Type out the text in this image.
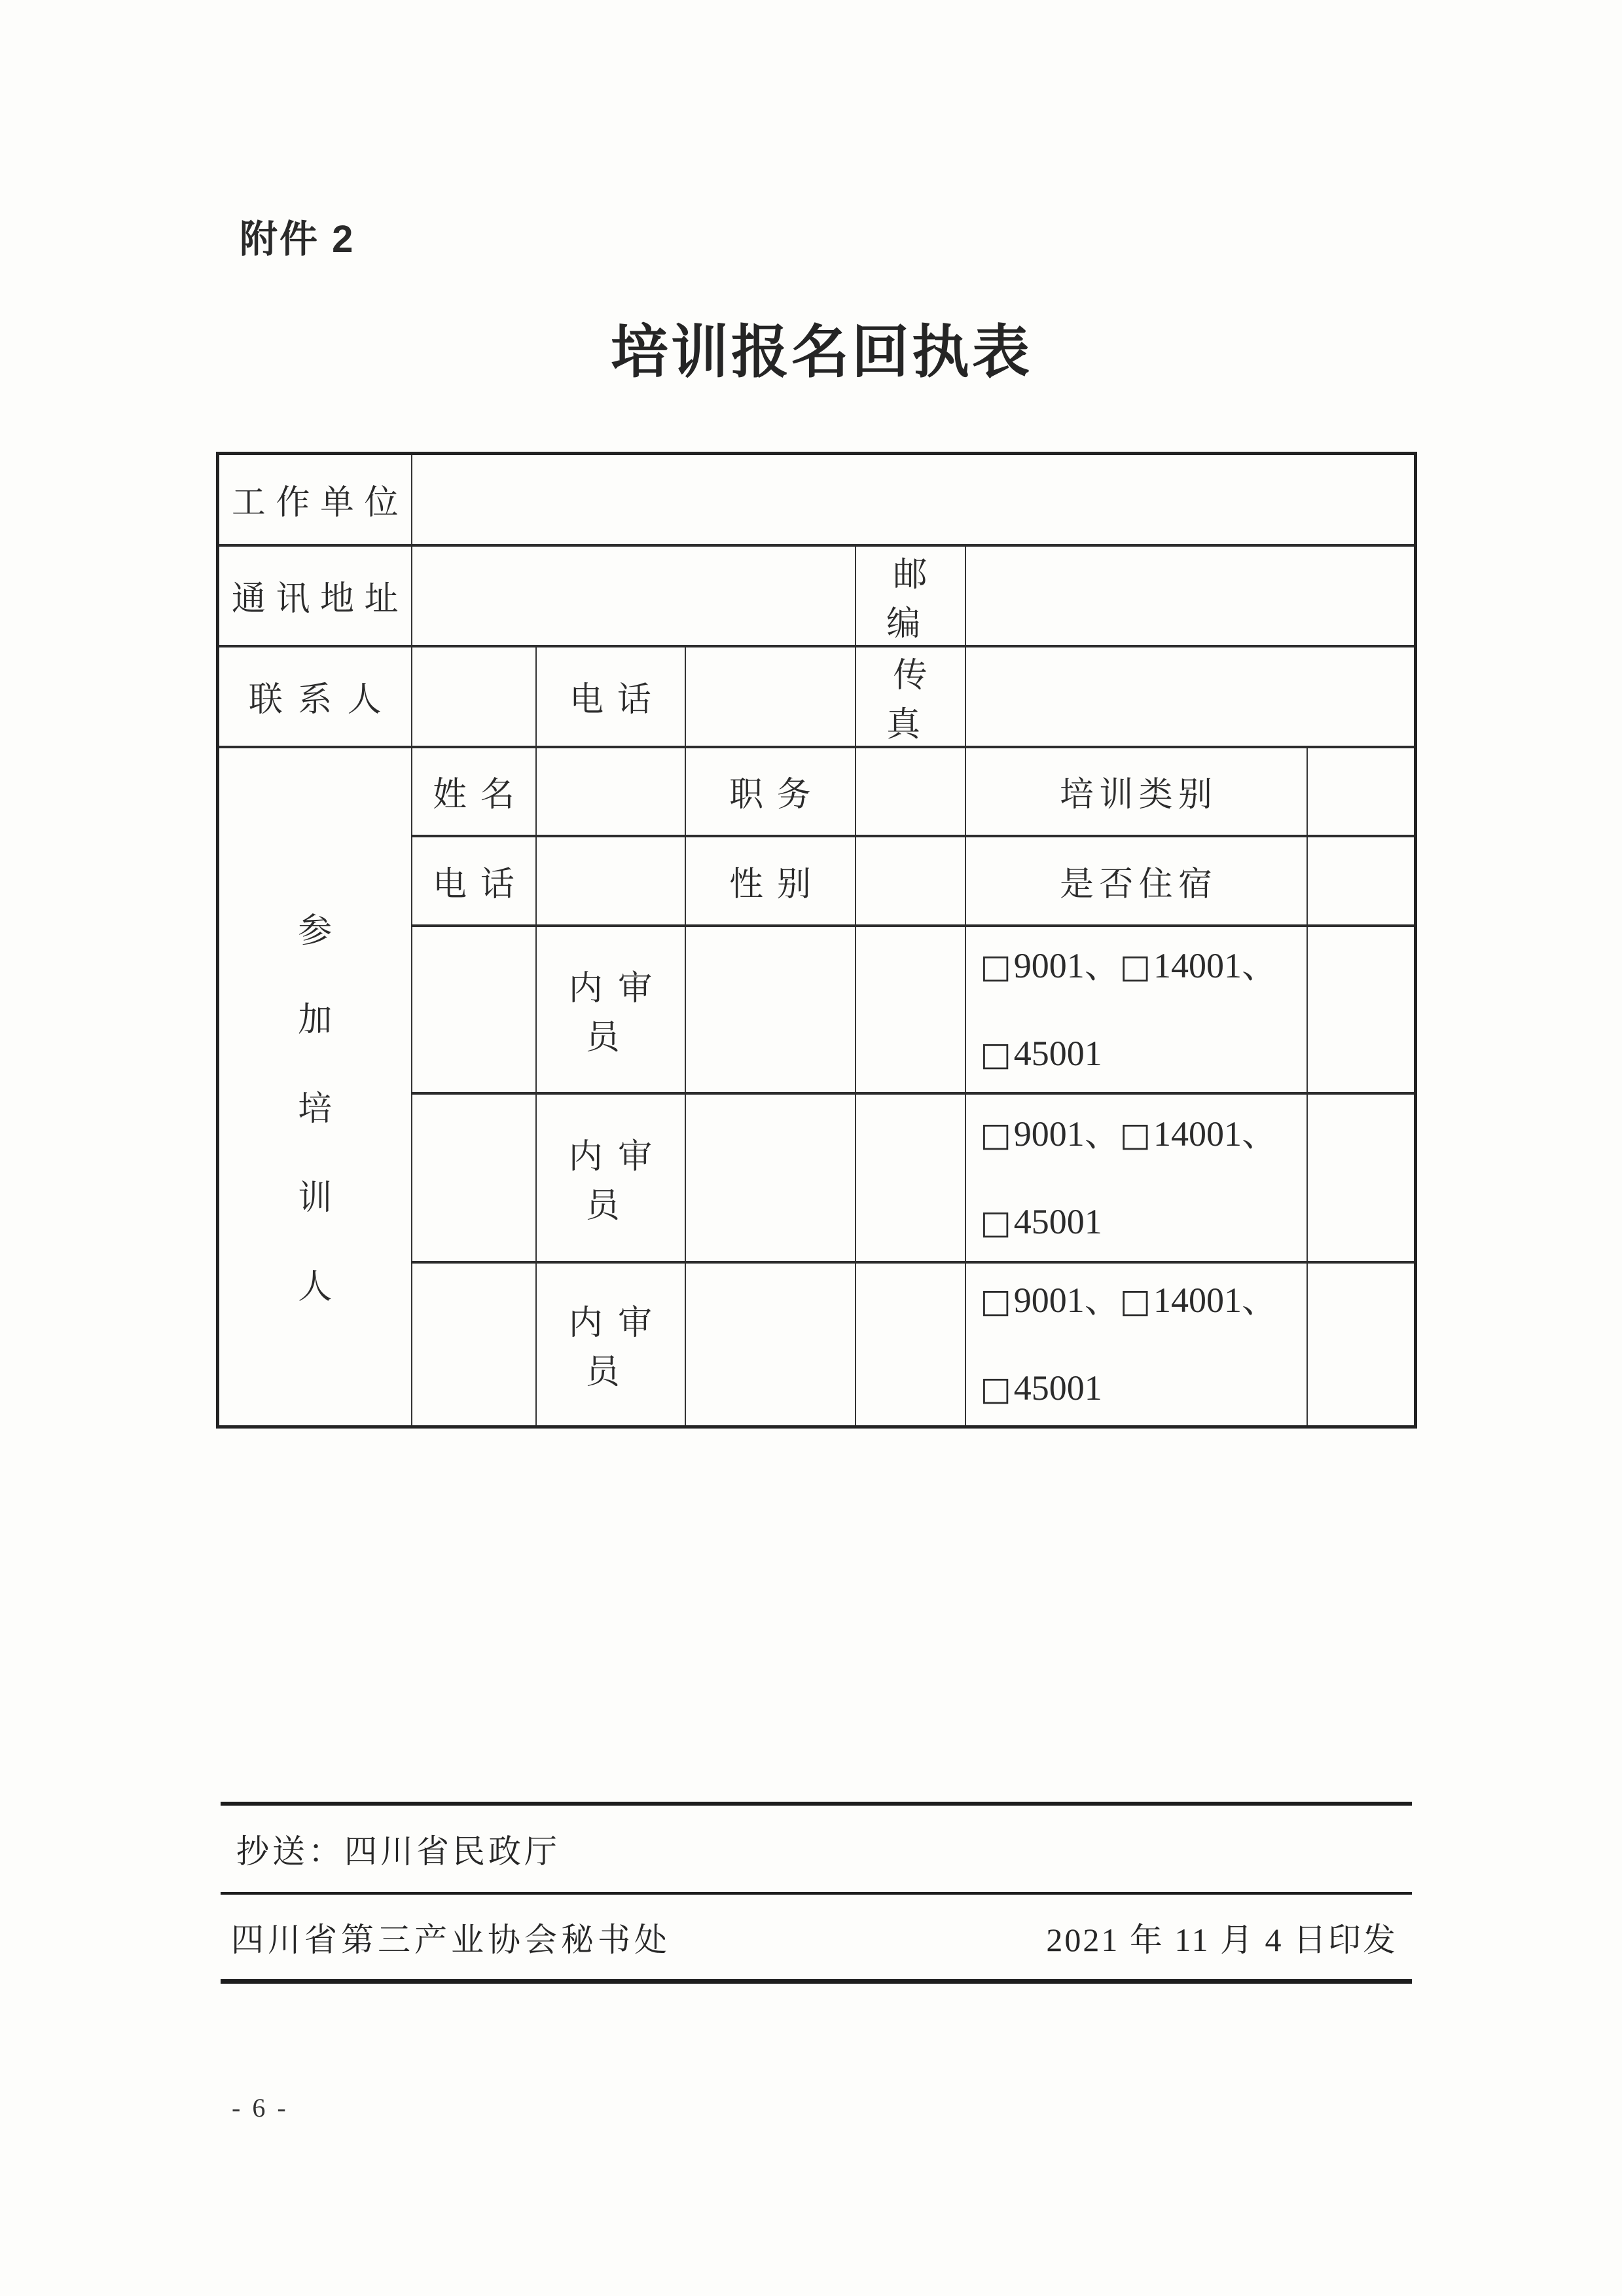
附件 2
培训报名回执表
工作单位						
通讯地址				邮编		
联系人		电话		传真		

参
加
培
训
人	姓名		职务		培训类别	
	电话		性别		是否住宿	
		内审员			□9001、□14001、
□45001	

		内审员			□9001、□14001、
□45001	

		内审员			□9001、□14001、
□45001	

抄送：四川省民政厅
四川省第三产业协会秘书处	2021 年 11 月 4 日印发
- 6 -
